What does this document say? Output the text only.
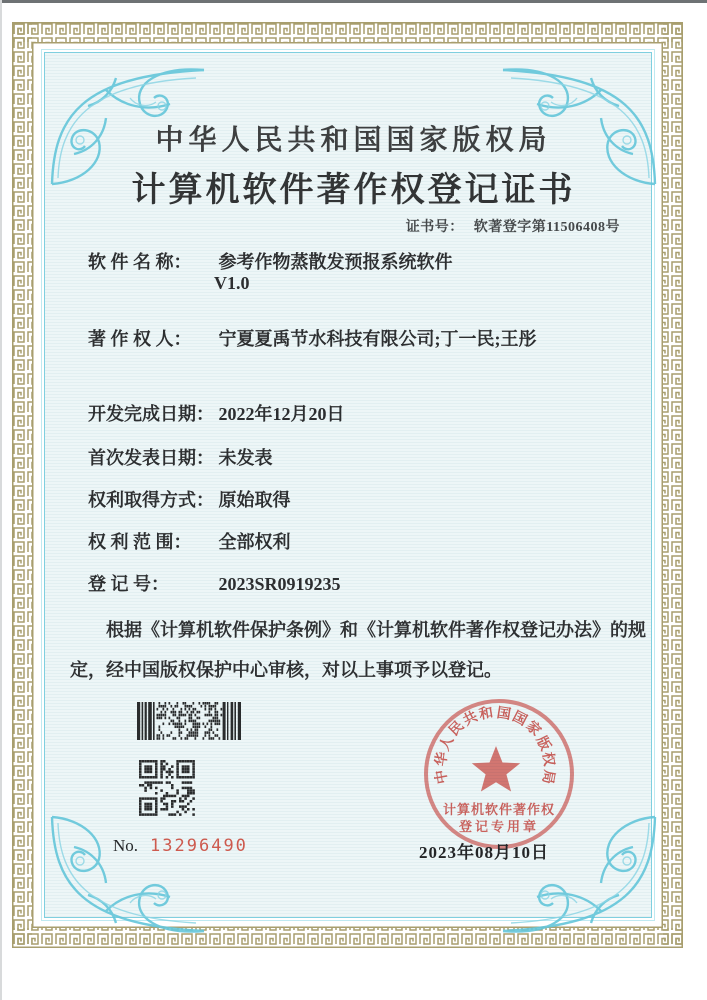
中华人民共和国国家版权局
计算机软件著作权登记证书
证书号： 软著登字第11506408号
软 件 名 称： 参考作物蒸散发预报系统软件
V1.0
著 作 权 人： 宁夏夏禹节水科技有限公司;丁一民;王彤
开发完成日期： 2022年12月20日
首次发表日期： 未发表
权利取得方式： 原始取得
权 利 范 围： 全部权利
登 记 号：	2023SR0919235
根据《计算机软件保护条例》和《计算机软件著作权登记办法》的规定，经中国版权保护中心审核，对以上事项予以登记。
计算机软件著作权
登记专用章
中
华
人
民
共
和 国
国
家
版
权
局
No. 13296490	2023年08月10日
